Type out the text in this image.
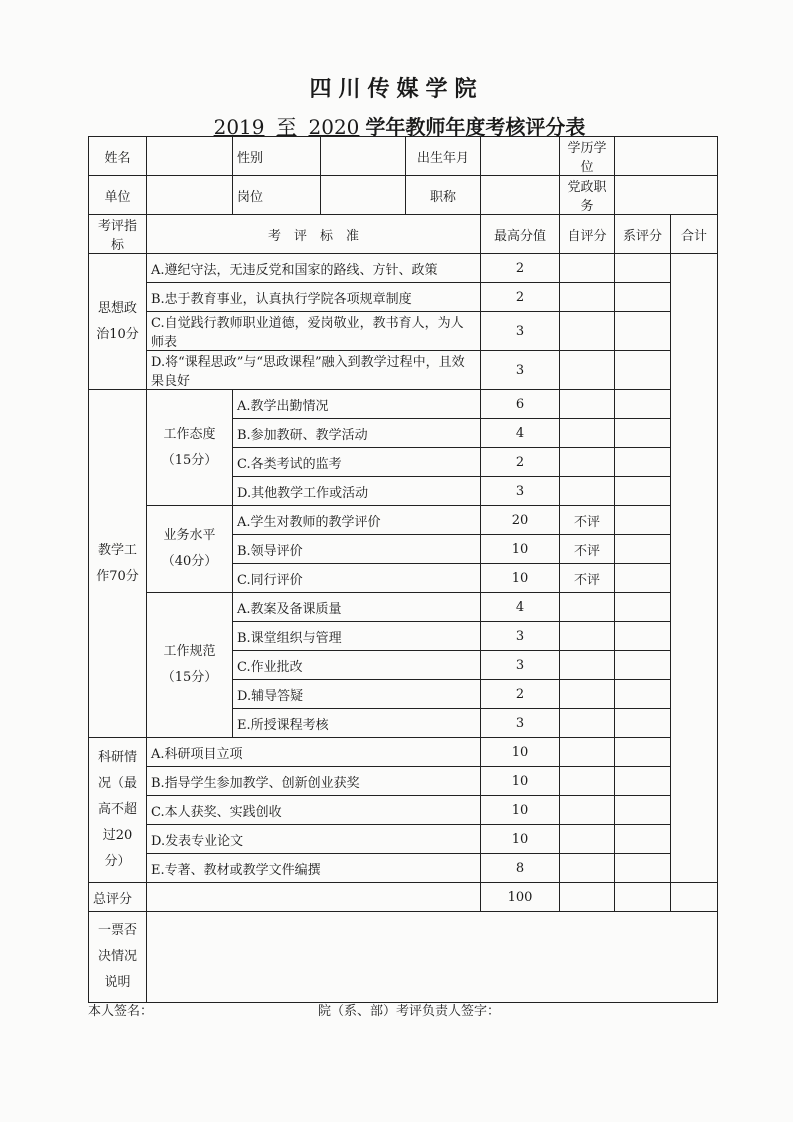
四川传媒学院
2019 至 2020 学年教师年度考核评分表
姓名		性别		出生年月		学历学位		
单位		岗位		职称		党政职务		
考评指标	考　评　标　准				最高分值	自评分	系评分	合计
思想政治10分	A.遵纪守法，无违反党和国家的路线、方针、政策				2			
	B.忠于教育事业，认真执行学院各项规章制度				2			
	C.自觉践行教师职业道德，爱岗敬业，教书育人，为人师表				3			
	D.将“课程思政”与“思政课程”融入到教学过程中，且效果良好				3			
教学工作70分	工作态度（15分）	A.教学出勤情况			6			
		B.参加教研、教学活动			4			
		C.各类考试的监考			2			
		D.其他教学工作或活动			3			
	业务水平（40分）	A.学生对教师的教学评价			20	不评		
		B.领导评价			10	不评		
		C.同行评价			10	不评		
	工作规范（15分）	A.教案及备课质量			4			
		B.课堂组织与管理			3			
		C.作业批改			3			
		D.辅导答疑			2			
		E.所授课程考核			3			
科研情况（最高不超过20分）	A.科研项目立项				10			
	B.指导学生参加教学、创新创业获奖				10			
	C.本人获奖、实践创收				10			
	D.发表专业论文				10			
	E.专著、教材或教学文件编撰				8			
总评分					100			
一票否决情况说明								
本人签名：	院（系、部）考评负责人签字：
